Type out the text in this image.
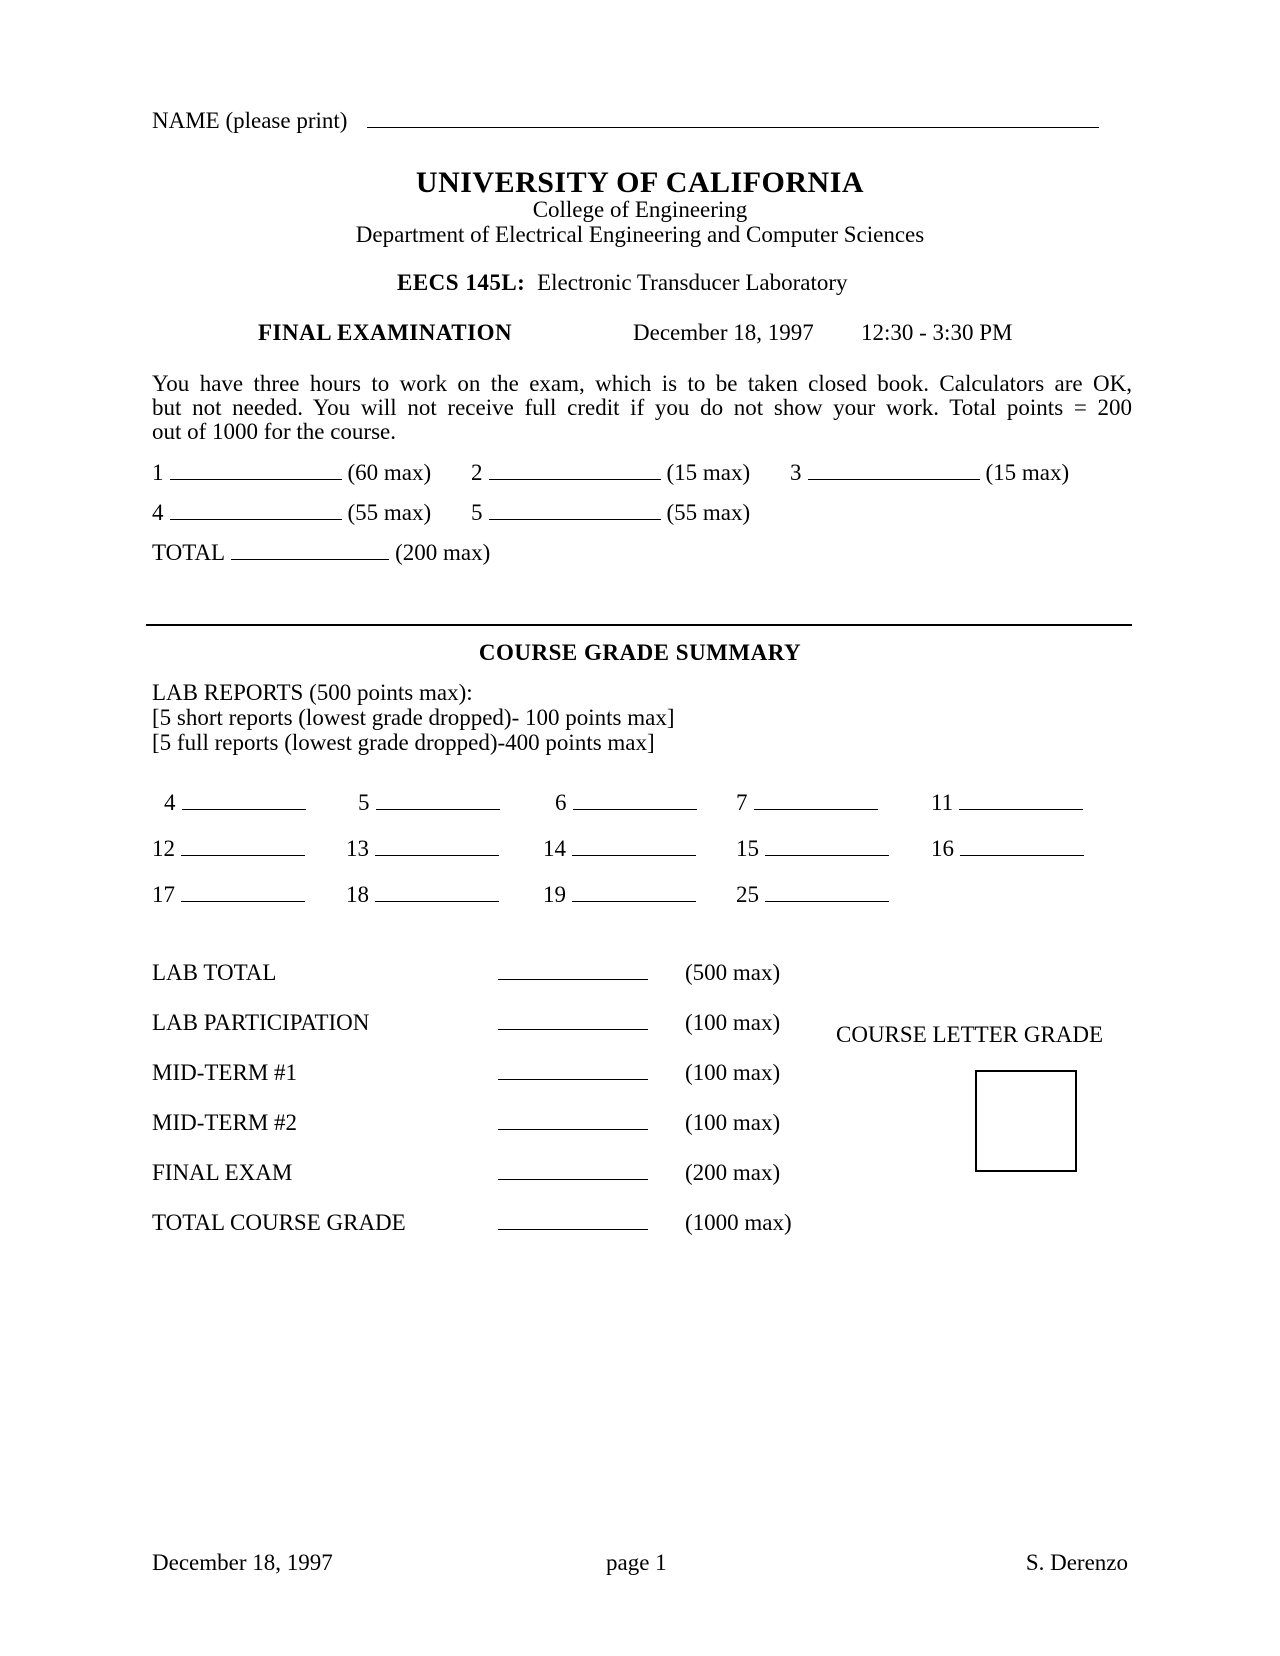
NAME (please print)
UNIVERSITY OF CALIFORNIA
College of Engineering
Department of Electrical Engineering and Computer Sciences
EECS 145L: Electronic Transducer Laboratory
FINAL EXAMINATION	December 18, 1997 12:30 - 3:30 PM
You have three hours to work on the exam, which is to be taken closed book. Calculators are OK,
but not needed. You will not receive full credit if you do not show your work. Total points = 200
out of 1000 for the course.
1	(60 max) 2	(15 max) 3	(15 max)
4	(55 max) 5	(55 max)
TOTAL	(200 max)
COURSE GRADE SUMMARY
LAB REPORTS (500 points max):
[5 short reports (lowest grade dropped)- 100 points max]
[5 full reports (lowest grade dropped)-400 points max]
4	5	6	7	11
12	13	14	15	16
17	18	19	25
LAB TOTAL	(500 max)
LAB PARTICIPATION	(100 max)
MID-TERM #1	(100 max)
MID-TERM #2	(100 max)
FINAL EXAM	(200 max)
TOTAL COURSE GRADE	(1000 max)
COURSE LETTER GRADE
December 18, 1997	page 1	S. Derenzo
